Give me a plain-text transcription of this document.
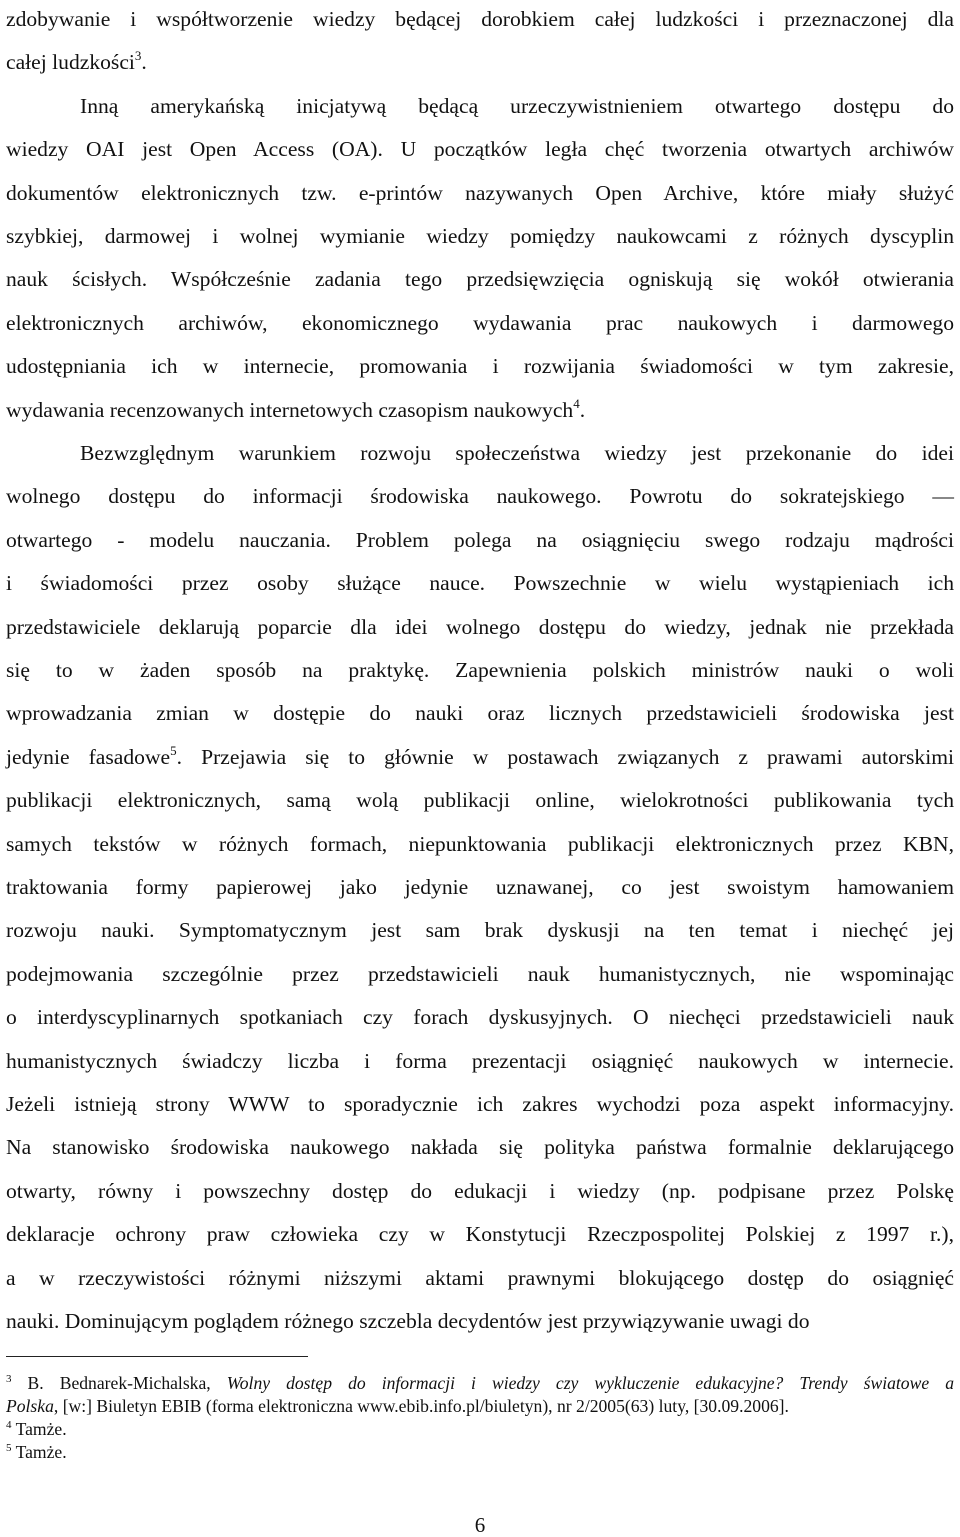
zdobywanie i współtworzenie wiedzy będącej dorobkiem całej ludzkości i przeznaczonej dla
całej ludzkości$^3$.
Inną amerykańską inicjatywą będącą urzeczywistnieniem otwartego dostępu do
wiedzy OAI jest Open Access (OA). U początków legła chęć tworzenia otwartych archiwów
dokumentów elektronicznych tzw. e-printów nazywanych Open Archive, które miały służyć
szybkiej, darmowej i wolnej wymianie wiedzy pomiędzy naukowcami z różnych dyscyplin
nauk ścisłych. Współcześnie zadania tego przedsięwzięcia ogniskują się wokół otwierania
elektronicznych archiwów, ekonomicznego wydawania prac naukowych i darmowego
udostępniania ich w internecie, promowania i rozwijania świadomości w tym zakresie,
wydawania recenzowanych internetowych czasopism naukowych$^4$.
Bezwzględnym warunkiem rozwoju społeczeństwa wiedzy jest przekonanie do idei
wolnego dostępu do informacji środowiska naukowego. Powrotu do sokratejskiego —
otwartego - modelu nauczania. Problem polega na osiągnięciu swego rodzaju mądrości
i świadomości przez osoby służące nauce. Powszechnie w wielu wystąpieniach ich
przedstawiciele deklarują poparcie dla idei wolnego dostępu do wiedzy, jednak nie przekłada
się to w żaden sposób na praktykę. Zapewnienia polskich ministrów nauki o woli
wprowadzania zmian w dostępie do nauki oraz licznych przedstawicieli środowiska jest
jedynie fasadowe$^5$. Przejawia się to głównie w postawach związanych z prawami autorskimi
publikacji elektronicznych, samą wolą publikacji online, wielokrotności publikowania tych
samych tekstów w różnych formach, niepunktowania publikacji elektronicznych przez KBN,
traktowania formy papierowej jako jedynie uznawanej, co jest swoistym hamowaniem
rozwoju nauki. Symptomatycznym jest sam brak dyskusji na ten temat i niechęć jej
podejmowania szczególnie przez przedstawicieli nauk humanistycznych, nie wspominając
o interdyscyplinarnych spotkaniach czy forach dyskusyjnych. O niechęci przedstawicieli nauk
humanistycznych świadczy liczba i forma prezentacji osiągnięć naukowych w internecie.
Jeżeli istnieją strony WWW to sporadycznie ich zakres wychodzi poza aspekt informacyjny.
Na stanowisko środowiska naukowego nakłada się polityka państwa formalnie deklarującego
otwarty, równy i powszechny dostęp do edukacji i wiedzy (np. podpisane przez Polskę
deklaracje ochrony praw człowieka czy w Konstytucji Rzeczpospolitej Polskiej z 1997 r.),
a w rzeczywistości różnymi niższymi aktami prawnymi blokującego dostęp do osiągnięć
nauki. Dominującym poglądem różnego szczebla decydentów jest przywiązywanie uwagi do
$^3$ B. Bednarek-Michalska, Wolny dostęp do informacji i wiedzy czy wykluczenie edukacyjne? Trendy światowe a
Polska, [w:] Biuletyn EBIB (forma elektroniczna www.ebib.info.pl/biuletyn), nr 2/2005(63) luty, [30.09.2006].
$^4$ Tamże.
$^5$ Tamże.
6
